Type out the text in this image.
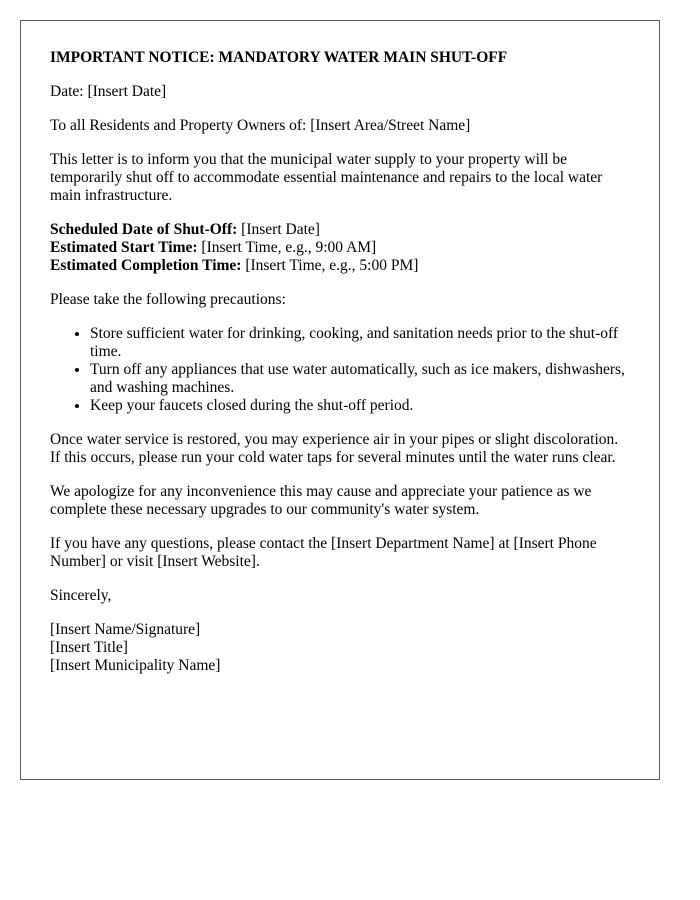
IMPORTANT NOTICE: MANDATORY WATER MAIN SHUT-OFF

Date: [Insert Date]

To all Residents and Property Owners of: [Insert Area/Street Name]

This letter is to inform you that the municipal water supply to your property will be temporarily shut off to accommodate essential maintenance and repairs to the local water main infrastructure.

Scheduled Date of Shut-Off: [Insert Date]
Estimated Start Time: [Insert Time, e.g., 9:00 AM]
Estimated Completion Time: [Insert Time, e.g., 5:00 PM]

Please take the following precautions:

• Store sufficient water for drinking, cooking, and sanitation needs prior to the shut-off time.
• Turn off any appliances that use water automatically, such as ice makers, dishwashers, and washing machines.
• Keep your faucets closed during the shut-off period.

Once water service is restored, you may experience air in your pipes or slight discoloration. If this occurs, please run your cold water taps for several minutes until the water runs clear.

We apologize for any inconvenience this may cause and appreciate your patience as we complete these necessary upgrades to our community's water system.

If you have any questions, please contact the [Insert Department Name] at [Insert Phone Number] or visit [Insert Website].

Sincerely,

[Insert Name/Signature]
[Insert Title]
[Insert Municipality Name]
